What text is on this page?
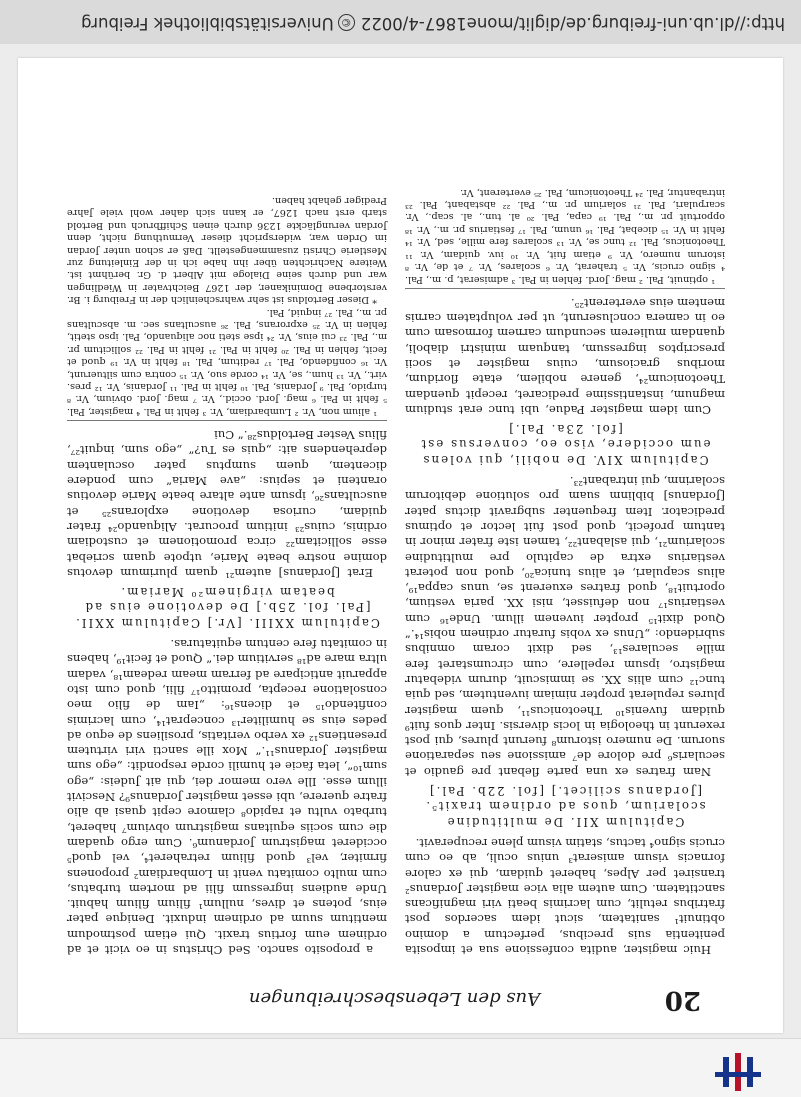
20
Aus den Lebensbeschreibungen

Huic magister, audita confessione sua et imposita penitentia suis precibus, perfectum a domino obtinuit¹ sanitatem, sicut idem sacerdos post fratribus retulit, cum lacrimis beati viri magnificans sanctitatem. Cum autem alia vice magister Jordanus² transiret per Alpes, haberet quidam, qui ex calore fornacis visum amiserat³ unius oculi, ab eo cum crucis signo⁴ tactus, statim visum plene recuperavit.

Capitulum XII. De multitudine scolarium, quos ad ordinem traxit⁵. [Jordanus scilicet.] [fol. 22b. Pal.]

Nam fratres ex una parte flebant pre gaudio et secularis⁶ pre dolore de⁷ amissione seu separatione suorum. De numero istorum⁸ fuerunt plures, qui post rexerunt in theologia in locis diversis. Inter quos fuit⁹ quidam fuvenis¹⁰ Theotonicus¹¹, quem magister plures repulerat propter nimiam iuventutem, sed quia tunc¹² cum aliis XX. se immiscuit, durum videbatur magistro, ipsum repellere, cum circumstaret fere mille seculares¹³, sed dixit coram omnibus subridendo: „Unus ex vobis furatur ordinem nobis¹⁴.“ Quod dixit¹⁵ propter iuvenem illum. Unde¹⁶ cum vestiarius¹⁷ non defuisset, nisi XX. paria vestium, oportuit¹⁸, quod fratres exuerent se, unus cappa¹⁹, alius scapulari, et alius tunica²⁰, quod non poterat vestiarius extra de capitulo pre multitudine scolarium²¹, qui aslabant²², tamen iste frater minor in tantum profecit, quod post fuit lector et optimus predicator. Item frequenter subgravit dictus pater [Jordanus] biblinm suam pro solutione debitorum scolarinm, qui intrabant²³.

Capitulum XIV. De nobili, qui volens eum occidere, viso eo, conversus est [fol. 23a. Pal.]

Cum idem magister Padue, ubi tunc erat studium magnum, instantissime predicaret, recepit quendam Theotonicum²⁴, genere nobilem, etate floridum, moribus graciosum, cuius magister et socii prescriptos ingressum, tanquam ministri diaboli, quandam mulierem secundum carnem formosam cum eo in camera concluserunt, ut per voluptatem carnis mentem eius everterent²⁵.

¹ optinuit, Pal. ² mag. Jord. fehlen in Pal. ³ admiserat, p. m., Pal. ⁴ signo crucis, Vr. ⁵ traherat, Vr. ⁶ scolares, Vr. ⁷ et de, Vr. ⁸ istorum numero, Vr. ⁹ etiam fuit, Vr. ¹⁰ iuv. quidam, Vr. ¹¹ Theotonicus, Pal. ¹² tunc se, Vr. ¹³ scolares fere mille, sed, Vr. ¹⁴ fehlt in Vr. ¹⁵ dicebat, Pal. ¹⁶ unum, Pal. ¹⁷ festiarius pr. m., Vr. ¹⁸ opportuit pr. m., Pal. ¹⁹ capa, Pal. ²⁰ al. tun., al. scap., Vr. scarpulari, Pal. ²¹ solarium pr. m., Pal. ²² abstabant, Pal. ²³ intrabantur, Pal. ²⁴ Theotonicum, Pal. ²⁵ everterent, Vr.

a proposito sancto. Sed Christus in eo vicit et ad ordinem eum fortius traxit. Qui etiam postmodum mentitum suum ad ordinem induxit. Denique pater eius, potens et dives, nullum¹ filium filium habuit. Unde audiens ingressum filii ad mortem turbatus, cum multo comitatu venit in Lombardiam² proponens firmiter, vel³ quod filium retraheret⁴, vel quod⁵ occideret magistrum Jordanum⁶. Cum ergo quadam die cum sociis equitans magistrum obvium⁷ haberet, turbato vultu et rapido⁸ clamore cepit quasi ab alio fratre querere, ubi esset magister Jordanus⁹? Nescivit illum esse. Ille vero memor dei, qui ait Judeis: „ego sum¹⁰“, leta facie et humili corde respondit: „ego sum magister Jordanus¹¹.“ Mox ille sancti viri virtutem presentiens¹² ex verbo veritatis, prosiliens de equo ad pedes eius se humiliter¹³ conceprat¹⁴, cum lacrimis confitendo¹⁵ et dicens¹⁶: „Iam de filio meo consolatione recepta, promitto¹⁷ filii, quod cum isto apparuit anticipare ad ferram meam redeam¹⁸, vadam ultra mare ad¹⁸ servitium dei.“ Quod et fecit¹⁹, habens in comitatu fere centum equitaturas.

Capitulum XXIII. [Vr.] Capitulum XXII. [Pal. fol. 25b.] De devotione eius ad beatam virginem²⁰ Mariam.

Erat [Jordanus] autem²¹ quam plurimum devotus domine nostre beate Marie, utpote quam scriebat esse sollicitam²² circa promotionem et custodiam ordinis, cuius²³ initium procurat. Aliquando²⁴ frater quidam, curiosa devotione explorans²⁵ et auscultans²⁶, ipsum ante altare beate Marie devotius oranteni et sepius: „ave Maria“ cum pondere dicentem, quem sumptus pater osculantem deprehendens ait: „quis es Tu?“ „ego sum, inquit²⁷, filius Vester Bertoldus²⁸.“ Cui

¹ alium non, Vr. ² Lumbardiam, Vr. ³ fehlt in Pal. ⁴ magister, Pal. ⁵ fehlt in Pal. ⁶ mag. Jord. occid., Vr. ⁷ mag. Jord. obvium, Vr. ⁸ turpido, Pal. ⁹ Jordanis, Pal. ¹⁰ fehlt in Pal. ¹¹ Jordanis, Vr. ¹² pres. virt., Vr. ¹³ hum., se, Vr. ¹⁴ corde suo, Vr. ¹⁵ contra cum siltuerunt, Vr. ¹⁶ confidendo, Pal. ¹⁷ reditum, Pal. ¹⁸ fehlt in Vr. ¹⁹ quod et fecit, fehlen in Pal. ²⁰ fehlt in Pal. ²¹ fehlt in Pal. ²² sollicitum pr. m., Pal. ²³ cui eius, Vr. ²⁴ ipse steti noc aliquando, Pal. ipso stetit, fehlen in Vr. ²⁵ exprorans, Pal. ²⁶ auscultans sec. m. abscultans pr. m., Pal. ²⁷ inquid, Pal.

* Dieser Bertoldus ist sehr wahrscheinlich der in Freiburg i. Br. verstorbene Dominikaner, der 1267 Beichtvater in Wiedlingen war und durch seine Dialoge mit Albert d. Gr. berühmt ist. Weitere Nachrichten über ihn habe ich in der Einleitung zur Mestlerie Christi zusammengestellt. Daß er schon unter Jordan im Orden war, widerspricht dieser Vermuthung nicht, denn Jordan verungläckte 1236 durch einen Schiffbruch und Bertold starb erst nach 1267, er kann sich daher wohl viele Jahre Prediger gehabt haben.

http://dl.ub.uni-freiburg.de/diglit/mone1867-4/0022©Universitätsbibliothek Freiburg
